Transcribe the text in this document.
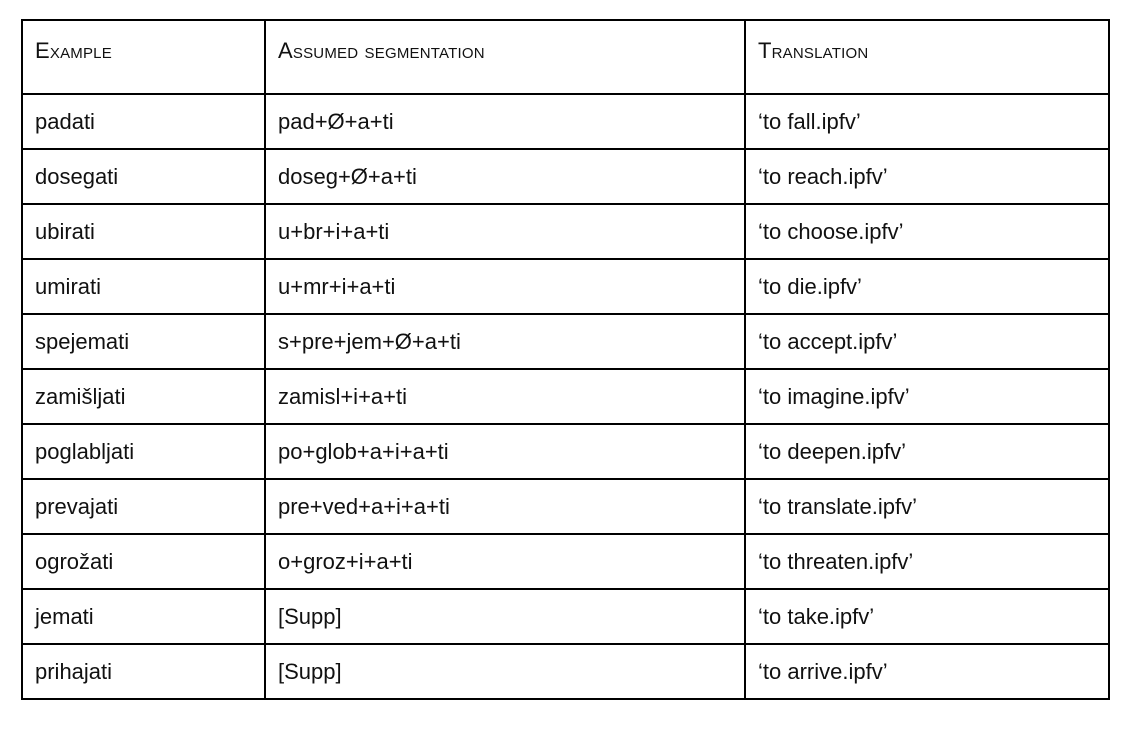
Example	Assumed segmentation	Translation
padati	pad+Ø+a+ti	‘to fall.ipfv’
dosegati	doseg+Ø+a+ti	‘to reach.ipfv’
ubirati	u+br+i+a+ti	‘to choose.ipfv’
umirati	u+mr+i+a+ti	‘to die.ipfv’
spejemati	s+pre+jem+Ø+a+ti	‘to accept.ipfv’
zamišljati	zamisl+i+a+ti	‘to imagine.ipfv’
poglabljati	po+glob+a+i+a+ti	‘to deepen.ipfv’
prevajati	pre+ved+a+i+a+ti	‘to translate.ipfv’
ogrožati	o+groz+i+a+ti	‘to threaten.ipfv’
jemati	[Supp]	‘to take.ipfv’
prihajati	[Supp]	‘to arrive.ipfv’
